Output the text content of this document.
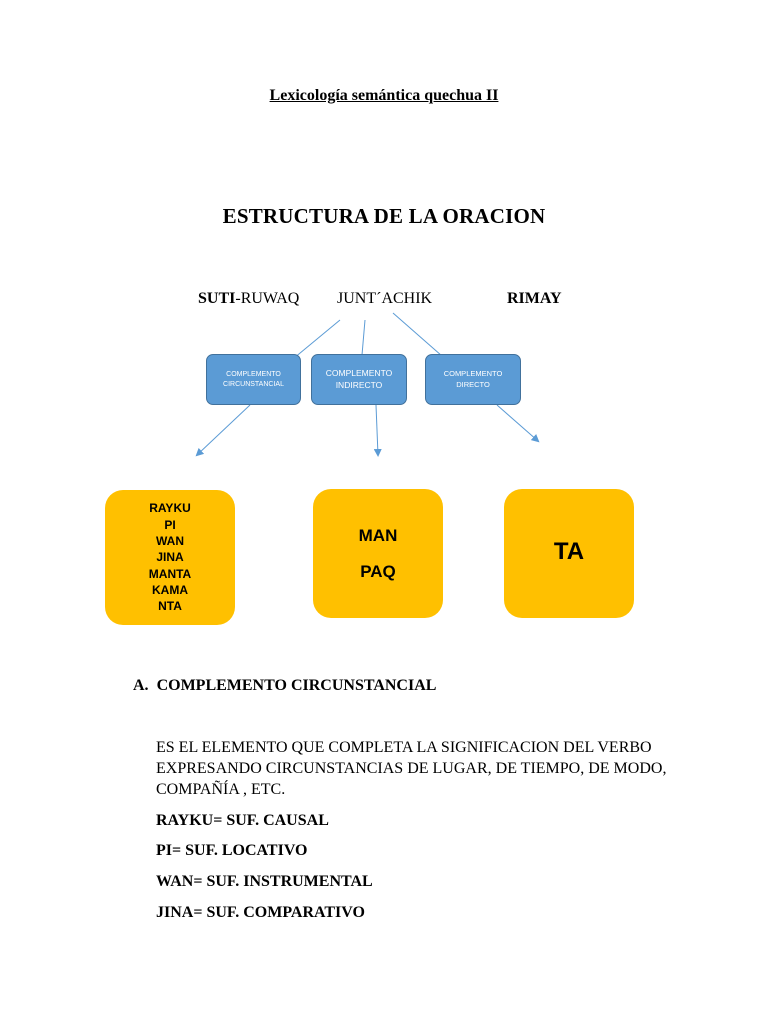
Lexicología semántica quechua II
ESTRUCTURA DE LA ORACION
SUTI-RUWAQ JUNT´ACHIK	RIMAY
COMPLEMENTO
CIRCUNSTANCIAL
COMPLEMENTO
INDIRECTO
COMPLEMENTO
DIRECTO
RAYKU
PI
WAN
JINA
MANTA
KAMA
NTA
MAN
PAQ
TA
A. COMPLEMENTO CIRCUNSTANCIAL
ES EL ELEMENTO QUE COMPLETA LA SIGNIFICACION DEL VERBO EXPRESANDO CIRCUNSTANCIAS DE LUGAR, DE TIEMPO, DE MODO, COMPAÑÍA , ETC.
RAYKU= SUF. CAUSAL
PI= SUF. LOCATIVO
WAN= SUF. INSTRUMENTAL
JINA= SUF. COMPARATIVO
